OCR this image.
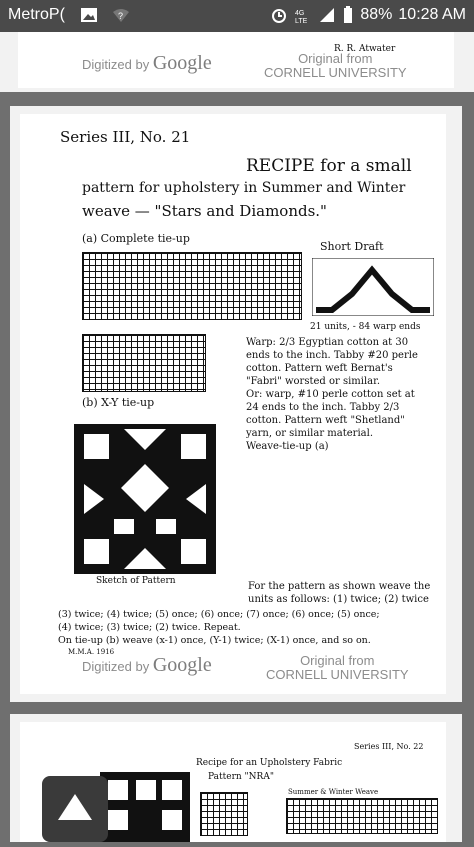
MetroP(	?	4G
LTE	88% 10:28 AM
R. R. Atwater
Digitized by Google	Original from
CORNELL UNIVERSITY
Series III, No. 21
RECIPE for a small
pattern for upholstery in Summer and Winter
weave — "Stars and Diamonds."
(a) Complete tie-up
Short Draft
21 units, - 84 warp ends
(b) X-Y tie-up
Warp: 2/3 Egyptian cotton at 30
ends to the inch. Tabby #20 perle
cotton. Pattern weft Bernat's
"Fabri" worsted or similar.
Or: warp, #10 perle cotton set at
24 ends to the inch. Tabby 2/3
cotton. Pattern weft "Shetland"
yarn, or similar material.
Weave-tie-up (a)
Sketch of Pattern	For the pattern as shown weave the
units as follows: (1) twice; (2) twice
(3) twice; (4) twice; (5) once; (6) once; (7) once; (6) once; (5) once;
(4) twice; (3) twice; (2) twice. Repeat.
On tie-up (b) weave (x-1) once, (Y-1) twice; (X-1) once, and so on.
M.M.A. 1916
Digitized by Google	Original from
CORNELL UNIVERSITY
Series III, No. 22
Recipe for an Upholstery Fabric
Pattern "NRA"
Summer & Winter Weave
